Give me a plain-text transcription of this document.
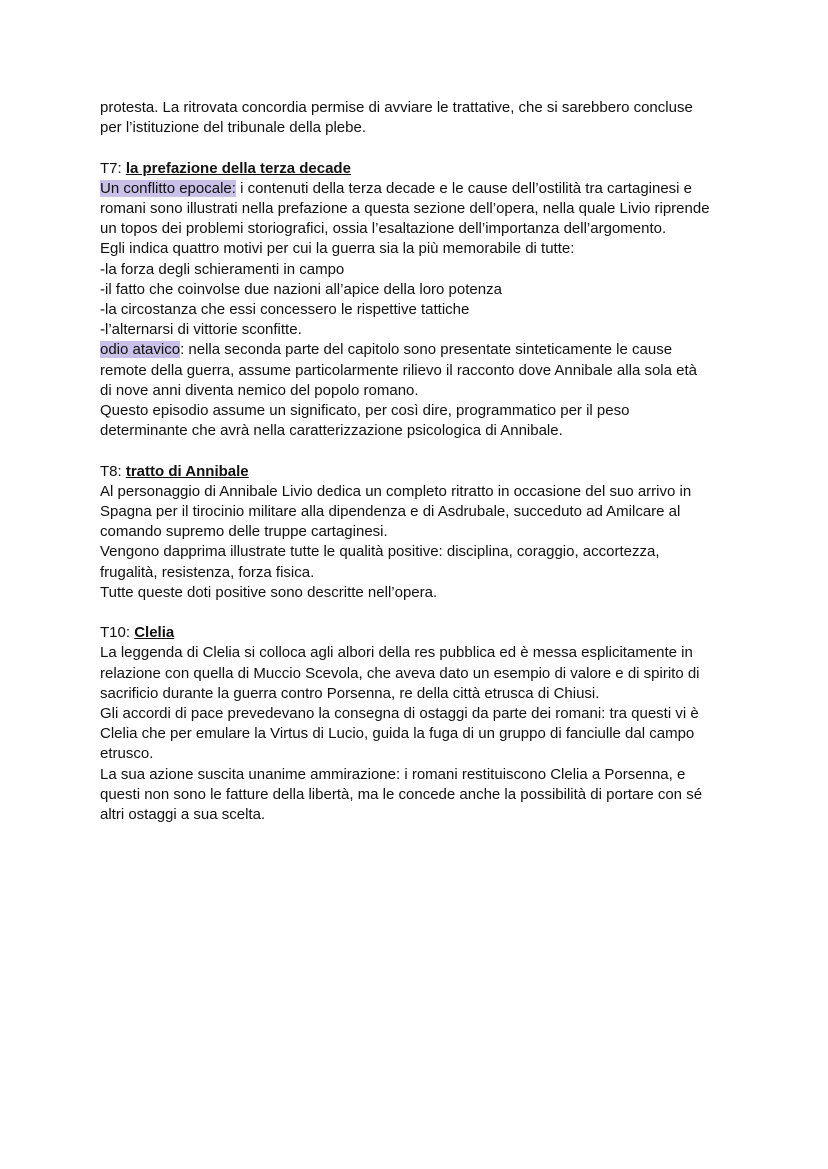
protesta. La ritrovata concordia permise di avviare le trattative, che si sarebbero concluse
per l’istituzione del tribunale della plebe.
T7: la prefazione della terza decade
Un conflitto epocale: i contenuti della terza decade e le cause dell’ostilità tra cartaginesi e
romani sono illustrati nella prefazione a questa sezione dell’opera, nella quale Livio riprende
un topos dei problemi storiografici, ossia l’esaltazione dell’importanza dell’argomento.
Egli indica quattro motivi per cui la guerra sia la più memorabile di tutte:
-la forza degli schieramenti in campo
-il fatto che coinvolse due nazioni all’apice della loro potenza
-la circostanza che essi concessero le rispettive tattiche
-l’alternarsi di vittorie sconfitte.
odio atavico: nella seconda parte del capitolo sono presentate sinteticamente le cause
remote della guerra, assume particolarmente rilievo il racconto dove Annibale alla sola età
di nove anni diventa nemico del popolo romano.
Questo episodio assume un significato, per così dire, programmatico per il peso
determinante che avrà nella caratterizzazione psicologica di Annibale.
T8: tratto di Annibale
Al personaggio di Annibale Livio dedica un completo ritratto in occasione del suo arrivo in
Spagna per il tirocinio militare alla dipendenza e di Asdrubale, succeduto ad Amilcare al
comando supremo delle truppe cartaginesi.
Vengono dapprima illustrate tutte le qualità positive: disciplina, coraggio, accortezza,
frugalità, resistenza, forza fisica.
Tutte queste doti positive sono descritte nell’opera.
T10: Clelia
La leggenda di Clelia si colloca agli albori della res pubblica ed è messa esplicitamente in
relazione con quella di Muccio Scevola, che aveva dato un esempio di valore e di spirito di
sacrificio durante la guerra contro Porsenna, re della città etrusca di Chiusi.
Gli accordi di pace prevedevano la consegna di ostaggi da parte dei romani: tra questi vi è
Clelia che per emulare la Virtus di Lucio, guida la fuga di un gruppo di fanciulle dal campo
etrusco.
La sua azione suscita unanime ammirazione: i romani restituiscono Clelia a Porsenna, e
questi non sono le fatture della libertà, ma le concede anche la possibilità di portare con sé
altri ostaggi a sua scelta.
